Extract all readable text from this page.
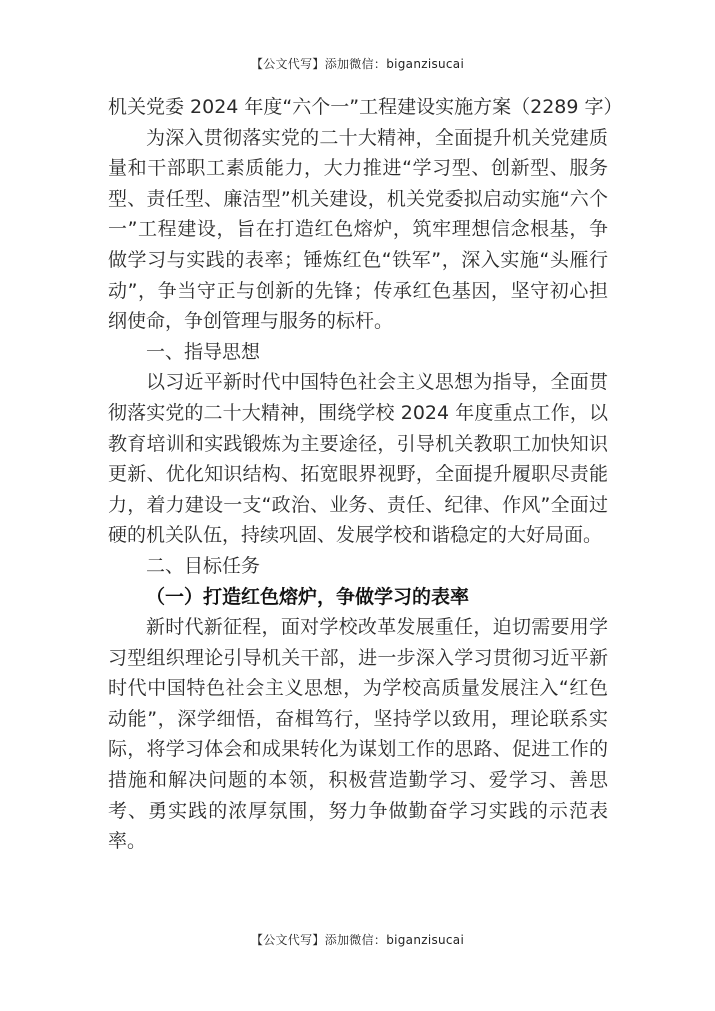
【公文代写】添加微信：biganzisucai

机关党委 2024 年度“六个一”工程建设实施方案（2289 字）

为深入贯彻落实党的二十大精神，全面提升机关党建质量和干部职工素质能力，大力推进“学习型、创新型、服务型、责任型、廉洁型”机关建设，机关党委拟启动实施“六个一”工程建设，旨在打造红色熔炉，筑牢理想信念根基，争做学习与实践的表率；锤炼红色“铁军”，深入实施“头雁行动”，争当守正与创新的先锋；传承红色基因，坚守初心担纲使命，争创管理与服务的标杆。

一、指导思想

以习近平新时代中国特色社会主义思想为指导，全面贯彻落实党的二十大精神，围绕学校 2024 年度重点工作，以教育培训和实践锻炼为主要途径，引导机关教职工加快知识更新、优化知识结构、拓宽眼界视野，全面提升履职尽责能力，着力建设一支“政治、业务、责任、纪律、作风”全面过硬的机关队伍，持续巩固、发展学校和谐稳定的大好局面。

二、目标任务

（一）打造红色熔炉，争做学习的表率

新时代新征程，面对学校改革发展重任，迫切需要用学习型组织理论引导机关干部，进一步深入学习贯彻习近平新时代中国特色社会主义思想，为学校高质量发展注入“红色动能”，深学细悟，奋楫笃行，坚持学以致用，理论联系实际，将学习体会和成果转化为谋划工作的思路、促进工作的措施和解决问题的本领，积极营造勤学习、爱学习、善思考、勇实践的浓厚氛围，努力争做勤奋学习实践的示范表率。

【公文代写】添加微信：biganzisucai
